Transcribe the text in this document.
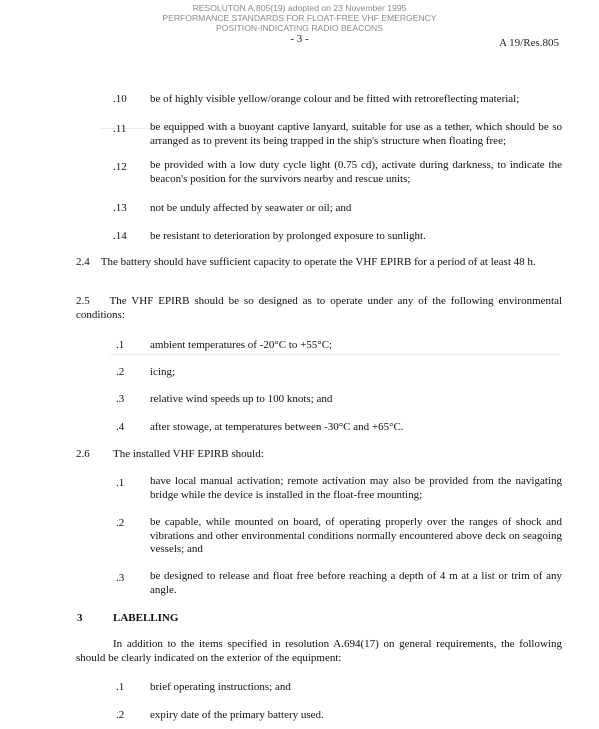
RESOLUTON A.805(19) adopted on 23 November 1995
PERFORMANCE STANDARDS FOR FLOAT-FREE VHF EMERGENCY
POSITION-INDICATING RADIO BEACONS
- 3 -	A 19/Res.805
.10 be of highly visible yellow/orange colour and be fitted with retroreflecting material;
.11 be equipped with a buoyant captive lanyard, suitable for use as a tether, which should be so arranged as to prevent its being trapped in the ship's structure when floating free;
.12 be provided with a low duty cycle light (0.75 cd), activate during darkness, to indicate the beacon's position for the survivors nearby and rescue units;
.13 not be unduly affected by seawater or oil; and
.14 be resistant to deterioration by prolonged exposure to sunlight.
2.4 The battery should have sufficient capacity to operate the VHF EPIRB for a period of at least 48 h.
2.5 The VHF EPIRB should be so designed as to operate under any of the following environmental conditions:
.1 ambient temperatures of -20°C to +55°C;
.2 icing;
.3 relative wind speeds up to 100 knots; and
.4 after stowage, at temperatures between -30°C and +65°C.
2.6 The installed VHF EPIRB should:
.1 have local manual activation; remote activation may also be provided from the navigating bridge while the device is installed in the float-free mounting;
.2 be capable, while mounted on board, of operating properly over the ranges of shock and vibrations and other environmental conditions normally encountered above deck on seagoing vessels; and
.3 be designed to release and float free before reaching a depth of 4 m at a list or trim of any angle.
3	LABELLING
In addition to the items specified in resolution A.694(17) on general requirements, the following should be clearly indicated on the exterior of the equipment:
.1 brief operating instructions; and
.2 expiry date of the primary battery used.
